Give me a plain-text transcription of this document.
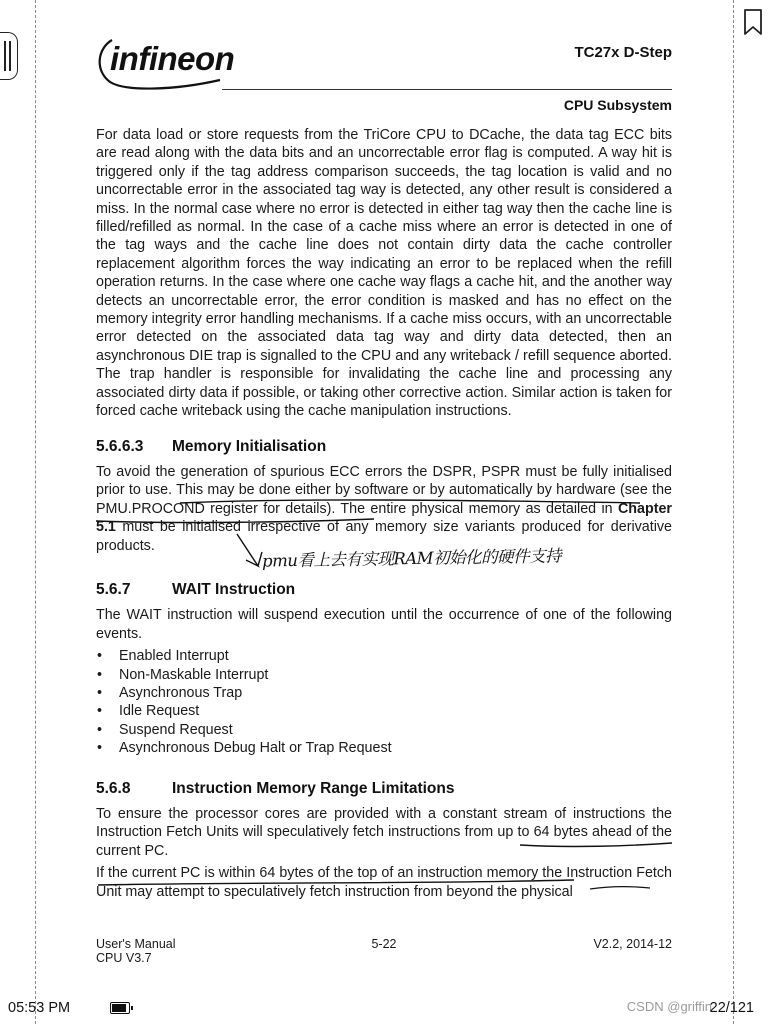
infineon	TC27x D-Step
CPU Subsystem

For data load or store requests from the TriCore CPU to DCache, the data tag ECC bits are read along with the data bits and an uncorrectable error flag is computed. A way hit is triggered only if the tag address comparison succeeds, the tag location is valid and no uncorrectable error in the associated tag way is detected, any other result is considered a miss. In the normal case where no error is detected in either tag way then the cache line is filled/refilled as normal. In the case of a cache miss where an error is detected in one of the tag ways and the cache line does not contain dirty data the cache controller replacement algorithm forces the way indicating an error to be replaced when the refill operation returns. In the case where one cache way flags a cache hit, and the another way detects an uncorrectable error, the error condition is masked and has no effect on the memory integrity error handling mechanisms. If a cache miss occurs, with an uncorrectable error detected on the associated data tag way and dirty data detected, then an asynchronous DIE trap is signalled to the CPU and any writeback / refill sequence aborted. The trap handler is responsible for invalidating the cache line and processing any associated dirty data if possible, or taking other corrective action. Similar action is taken for forced cache writeback using the cache manipulation instructions.

5.6.6.3 Memory Initialisation

To avoid the generation of spurious ECC errors the DSPR, PSPR must be fully initialised prior to use. This may be done either by software or by automatically by hardware (see the PMU.PROCOND register for details). The entire physical memory as detailed in Chapter 5.1 must be initialised irrespective of any memory size variants produced for derivative products.

5.6.7	WAIT Instruction

The WAIT instruction will suspend execution until the occurrence of one of the following events.

• Enabled Interrupt
• Non-Maskable Interrupt
• Asynchronous Trap
• Idle Request
• Suspend Request
• Asynchronous Debug Halt or Trap Request
5.6.8	Instruction Memory Range Limitations

To ensure the processor cores are provided with a constant stream of instructions the Instruction Fetch Units will speculatively fetch instructions from up to 64 bytes ahead of the current PC.

If the current PC is within 64 bytes of the top of an instruction memory the Instruction Fetch Unit may attempt to speculatively fetch instruction from beyond the physical

pmu看上去有实现RAM初始化的硬件支持
User's Manual
CPU V3.7
5-22	V2.2, 2014-12
05:53 PM	CSDN @griffin
22/121
